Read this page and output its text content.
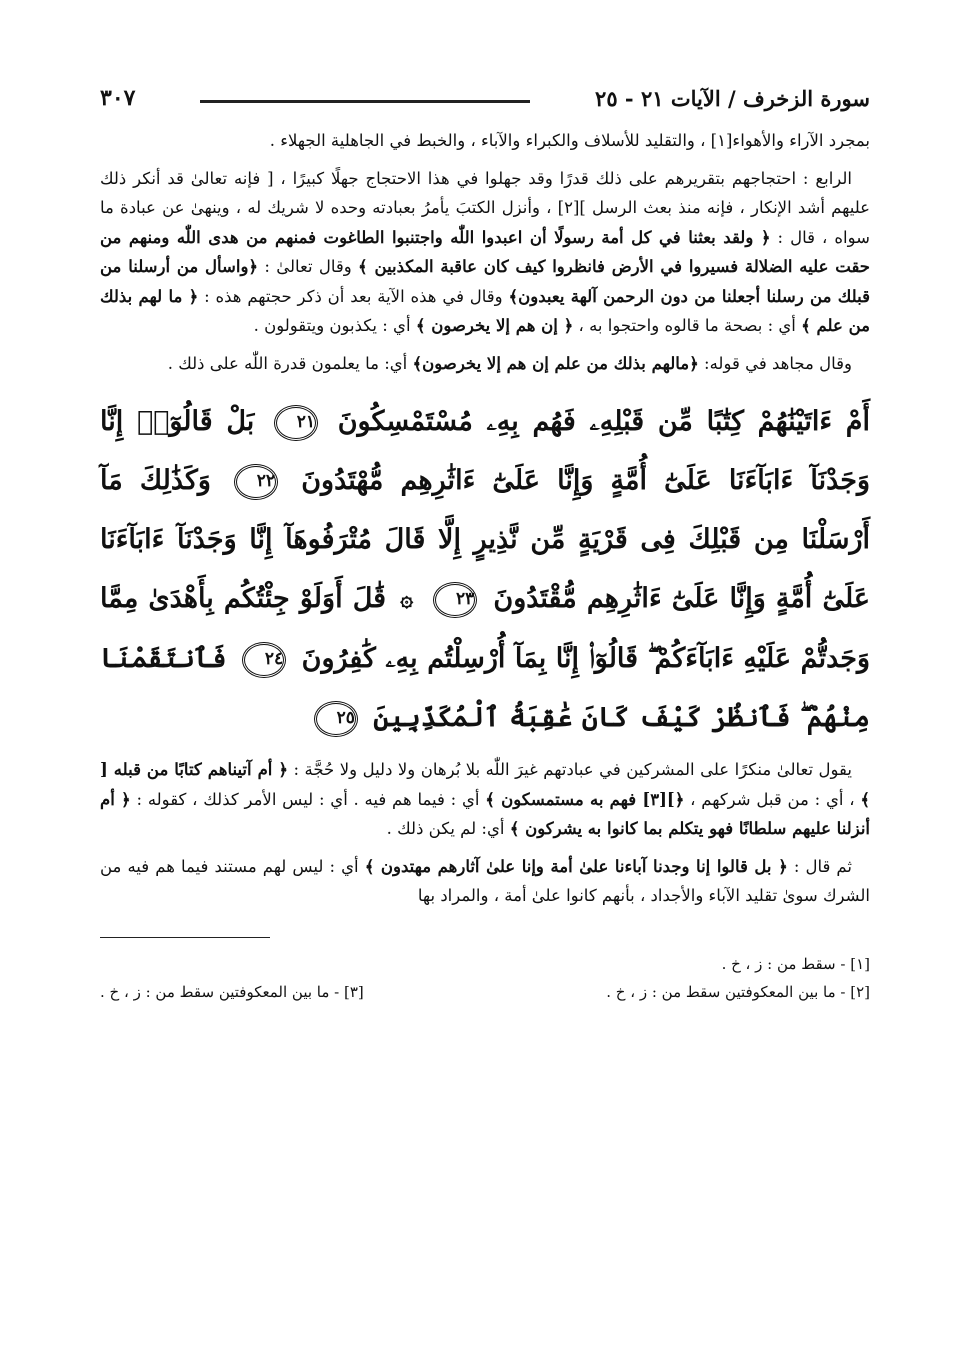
سورة الزخرف / الآيات ٢١ - ٢٥
٣٠٧

بمجرد الآراء والأهواء[١] ، والتقليد للأسلاف والكبراء والآباء ، والخبط في الجاهلية الجهلاء .

الرابع : احتجاجهم بتقريرهم على ذلك قدرًا وقد جهلوا في هذا الاحتجاج جهلًا كبيرًا ، [ فإنه تعالىٰ قد أنكر ذلك عليهم أشد الإنكار ، فإنه منذ بعث الرسل ][٢] ، وأنزل الكتبَ يأمرُ بعبادته وحده لا شريك له ، وينهىٰ عن عبادة ما سواه ، قال : ﴿ ولقد بعثنا في كل أمة رسولًا أن اعبدوا اللّٰه واجتنبوا الطاغوت فمنهم من هدى اللّٰه ومنهم من حقت عليه الضلالة فسيروا في الأرض فانظروا كيف كان عاقبة المكذبين ﴾ وقال تعالىٰ : ﴿واسأل من أرسلنا من قبلك من رسلنا أجعلنا من دون الرحمن آلهة يعبدون﴾ وقال في هذه الآية بعد أن ذكر حجتهم هذه : ﴿ ما لهم بذلك من علم ﴾ أي : بصحة ما قالوه واحتجوا به ، ﴿ إن هم إلا يخرصون ﴾ أي : يكذبون ويتقولون .

وقال مجاهد في قوله: ﴿مالهم بذلك من علم إن هم إلا يخرصون﴾ أي: ما يعلمون قدرة اللّٰه على ذلك .

أَمْ ءَاتَيْنَٰهُمْ كِتَٰبًا مِّن قَبْلِهِۦ فَهُم بِهِۦ مُسْتَمْسِكُونَ ٢١ بَلْ قَالُوٓا۟ إِنَّا وَجَدْنَآ ءَابَآءَنَا عَلَىٰٓ أُمَّةٍ وَإِنَّا عَلَىٰٓ ءَاثَٰرِهِم مُّهْتَدُونَ ٢٢ وَكَذَٰلِكَ مَآ أَرْسَلْنَا مِن قَبْلِكَ فِى قَرْيَةٍ مِّن نَّذِيرٍ إِلَّا قَالَ مُتْرَفُوهَآ إِنَّا وَجَدْنَآ ءَابَآءَنَا عَلَىٰٓ أُمَّةٍ وَإِنَّا عَلَىٰٓ ءَاثَٰرِهِم مُّقْتَدُونَ ٢٣ ۞ قَٰلَ أَوَلَوْ جِئْتُكُم بِأَهْدَىٰ مِمَّا وَجَدتُّمْ عَلَيْهِ ءَابَآءَكُمْ ۖ قَالُوٓا۟ إِنَّا بِمَآ أُرْسِلْتُم بِهِۦ كَٰفِرُونَ ٢٤ فَٱنتَقَمْنَا مِنْهُمْ ۖ فَٱنظُرْ كَيْفَ كَانَ عَٰقِبَةُ ٱلْمُكَذِّبِينَ ٢٥

يقول تعالىٰ منكرًا على المشركين في عبادتهم غيرَ اللّٰه بلا بُرهان ولا دليل ولا حُجَّة : ﴿ أم آتيناهم كتابًا من قبله [ ﴾ ، أي : من قبل شركهم ، ﴿][٣] فهم به مستمسكون ﴾ أي : فيما هم فيه . أي : ليس الأمر كذلك ، كقوله : ﴿ أم أنزلنا عليهم سلطانًا فهو يتكلم بما كانوا به يشركون ﴾ أي: لم يكن ذلك .

ثم قال : ﴿ بل قالوا إنا وجدنا آباءنا علىٰ أمة وإنا علىٰ آثارهم مهتدون ﴾ أي : ليس لهم مستند فيما هم فيه من الشرك سوىٰ تقليد الآباء والأجداد ، بأنهم كانوا علىٰ أمة ، والمراد بها

[١] - سقط من : ز ، خ .
[٢] - ما بين المعكوفتين سقط من : ز ، خ .
[٣] - ما بين المعكوفتين سقط من : ز ، خ .
